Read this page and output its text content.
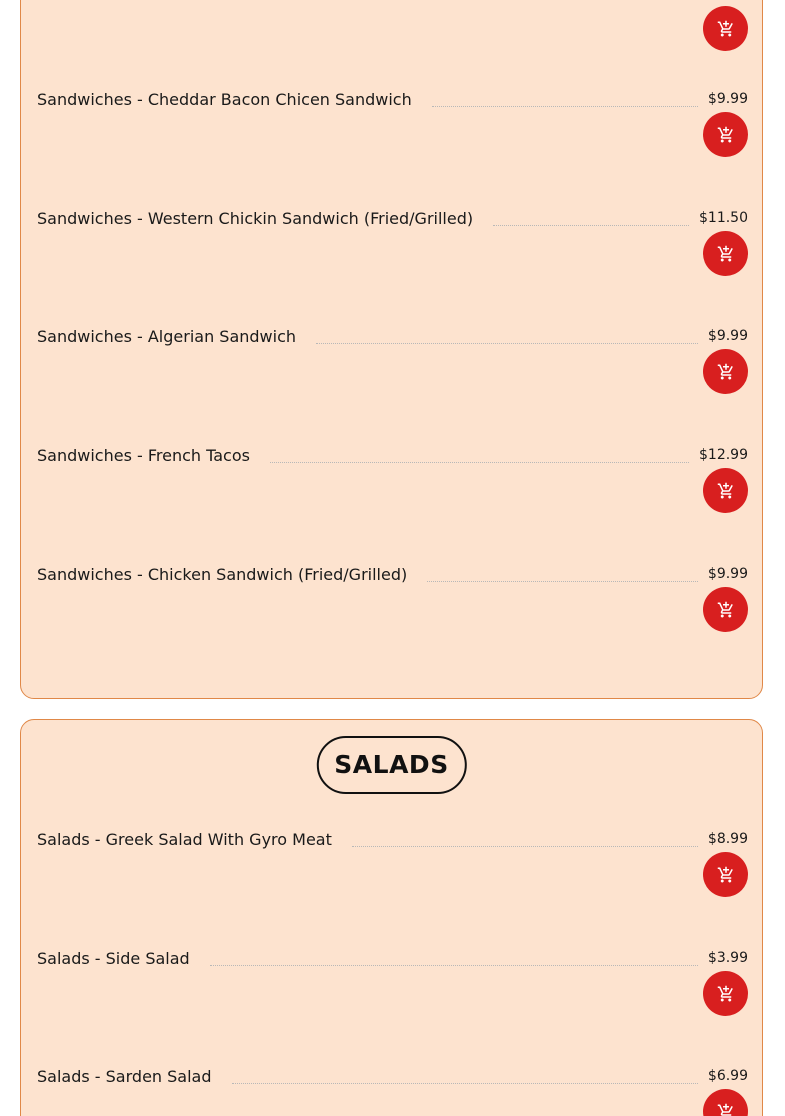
Sandwiches - Cheddar Bacon Chicen Sandwich	$9.99
Sandwiches - Western Chickin Sandwich (Fried/Grilled)	$11.50
Sandwiches - Algerian Sandwich	$9.99
Sandwiches - French Tacos	$12.99
Sandwiches - Chicken Sandwich (Fried/Grilled)	$9.99
SALADS
Salads - Greek Salad With Gyro Meat	$8.99
Salads - Side Salad	$3.99
Salads - Sarden Salad	$6.99
